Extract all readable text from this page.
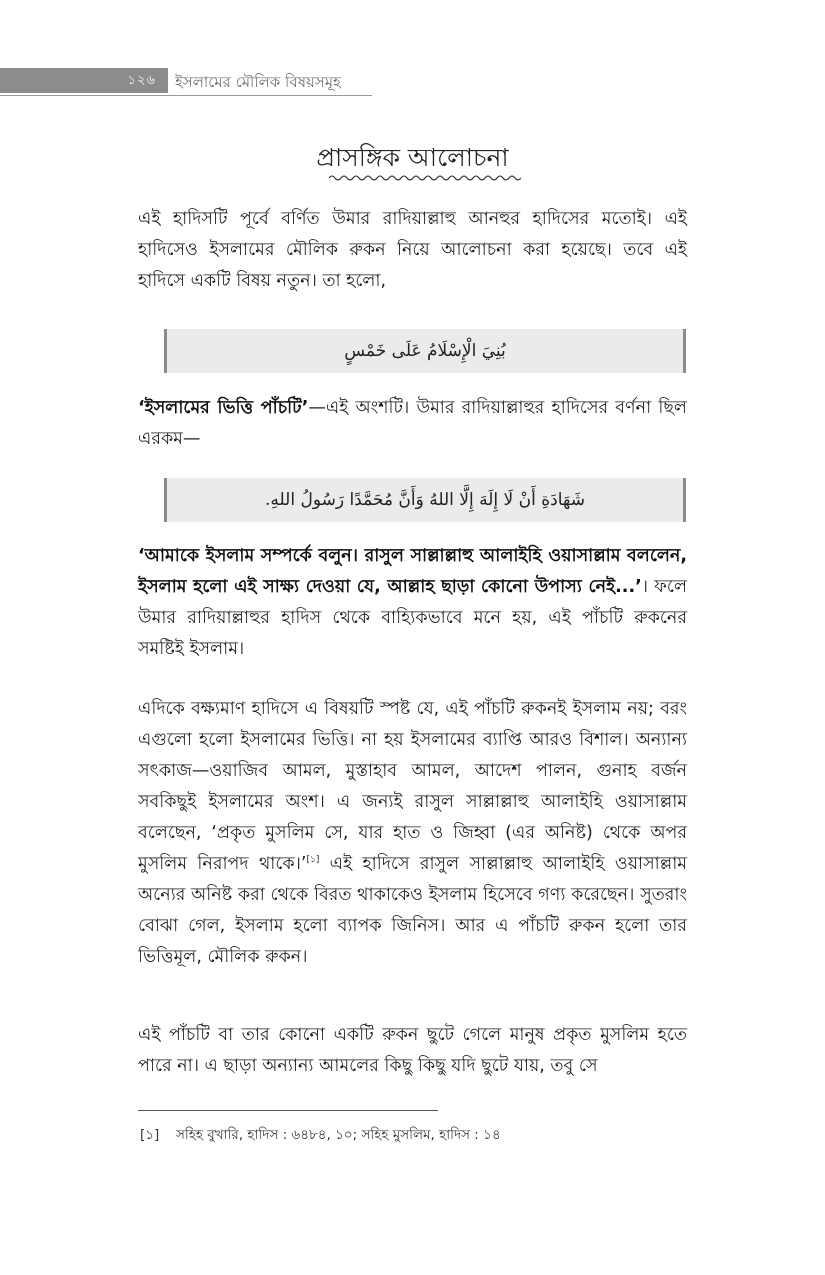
১২৬	ইসলামের মৌলিক বিষয়সমূহ
প্রাসঙ্গিক আলোচনা

এই হাদিসটি পূর্বে বর্ণিত উমার রাদিয়াল্লাহু আনহুর হাদিসের মতোই। এই হাদিসেও ইসলামের মৌলিক রুকন নিয়ে আলোচনা করা হয়েছে। তবে এই হাদিসে একটি বিষয় নতুন। তা হলো,

بُنِيَ الْإِسْلَامُ عَلَى خَمْسٍ

‘ইসলামের ভিত্তি পাঁচটি’—এই অংশটি। উমার রাদিয়াল্লাহুর হাদিসের বর্ণনা ছিল এরকম—

شَهَادَةِ أَنْ لَا إِلَهَ إِلَّا اللهُ وَأَنَّ مُحَمَّدًا رَسُولُ اللهِ.

‘আমাকে ইসলাম সম্পর্কে বলুন। রাসুল সাল্লাল্লাহু আলাইহি ওয়াসাল্লাম বললেন, ইসলাম হলো এই সাক্ষ্য দেওয়া যে, আল্লাহ ছাড়া কোনো উপাস্য নেই...’। ফলে উমার রাদিয়াল্লাহুর হাদিস থেকে বাহ্যিকভাবে মনে হয়, এই পাঁচটি রুকনের সমষ্টিই ইসলাম।

এদিকে বক্ষ্যমাণ হাদিসে এ বিষয়টি স্পষ্ট যে, এই পাঁচটি রুকনই ইসলাম নয়; বরং এগুলো হলো ইসলামের ভিত্তি। না হয় ইসলামের ব্যাপ্তি আরও বিশাল। অন্যান্য সৎকাজ—ওয়াজিব আমল, মুস্তাহাব আমল, আদেশ পালন, গুনাহ বর্জন সবকিছুই ইসলামের অংশ। এ জন্যই রাসুল সাল্লাল্লাহু আলাইহি ওয়াসাল্লাম বলেছেন, ‘প্রকৃত মুসলিম সে, যার হাত ও জিহ্বা (এর অনিষ্ট) থেকে অপর মুসলিম নিরাপদ থাকে।’[১] এই হাদিসে রাসুল সাল্লাল্লাহু আলাইহি ওয়াসাল্লাম অন্যের অনিষ্ট করা থেকে বিরত থাকাকেও ইসলাম হিসেবে গণ্য করেছেন। সুতরাং বোঝা গেল, ইসলাম হলো ব্যাপক জিনিস। আর এ পাঁচটি রুকন হলো তার ভিত্তিমূল, মৌলিক রুকন।

এই পাঁচটি বা তার কোনো একটি রুকন ছুটে গেলে মানুষ প্রকৃত মুসলিম হতে পারে না। এ ছাড়া অন্যান্য আমলের কিছু কিছু যদি ছুটে যায়, তবু সে

[১] সহিহ বুখারি, হাদিস : ৬৪৮৪, ১০; সহিহ মুসলিম, হাদিস : ১৪
